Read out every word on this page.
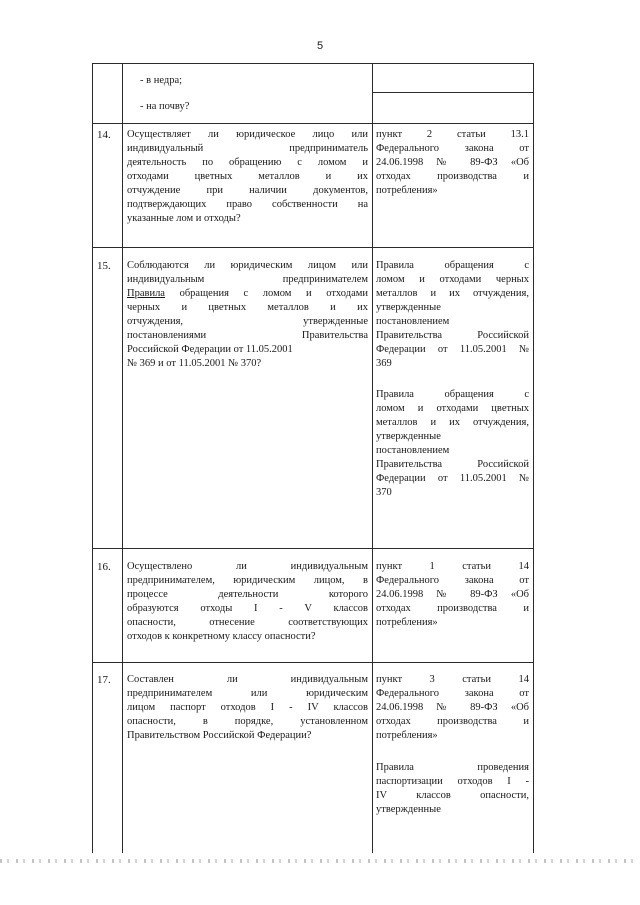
5
- в недра;
- на почву?
14. Осуществляет ли юридическое лицо или
индивидуальный предприниматель
деятельность по обращению с ломом и
отходами цветных металлов и их
отчуждение при наличии документов,
подтверждающих право собственности на
указанные лом и отходы?
пункт 2 статьи 13.1
Федерального закона от
24.06.1998 № 89-ФЗ «Об
отходах производства и
потребления»
15. Соблюдаются ли юридическим лицом или
индивидуальным предпринимателем
Правила обращения с ломом и отходами
черных и цветных металлов и их
отчуждения, утвержденные
постановлениями Правительства
Российской Федерации от 11.05.2001
№ 369 и от 11.05.2001 № 370?
Правила обращения с
ломом и отходами черных
металлов и их отчуждения,
утвержденные
постановлением
Правительства Российской
Федерации от 11.05.2001 №
369
Правила обращения с
ломом и отходами цветных
металлов и их отчуждения,
утвержденные
постановлением
Правительства Российской
Федерации от 11.05.2001 №
370
16. Осуществлено ли индивидуальным
предпринимателем, юридическим лицом, в
процессе деятельности которого
образуются отходы I - V классов
опасности, отнесение соответствующих
отходов к конкретному классу опасности?
пункт 1 статьи 14
Федерального закона от
24.06.1998 № 89-ФЗ «Об
отходах производства и
потребления»
17. Составлен ли индивидуальным
предпринимателем или юридическим
лицом паспорт отходов I - IV классов
опасности, в порядке, установленном
Правительством Российской Федерации?
пункт 3 статьи 14
Федерального закона от
24.06.1998 № 89-ФЗ «Об
отходах производства и
потребления»
Правила проведения
паспортизации отходов I -
IV классов опасности,
утвержденные
